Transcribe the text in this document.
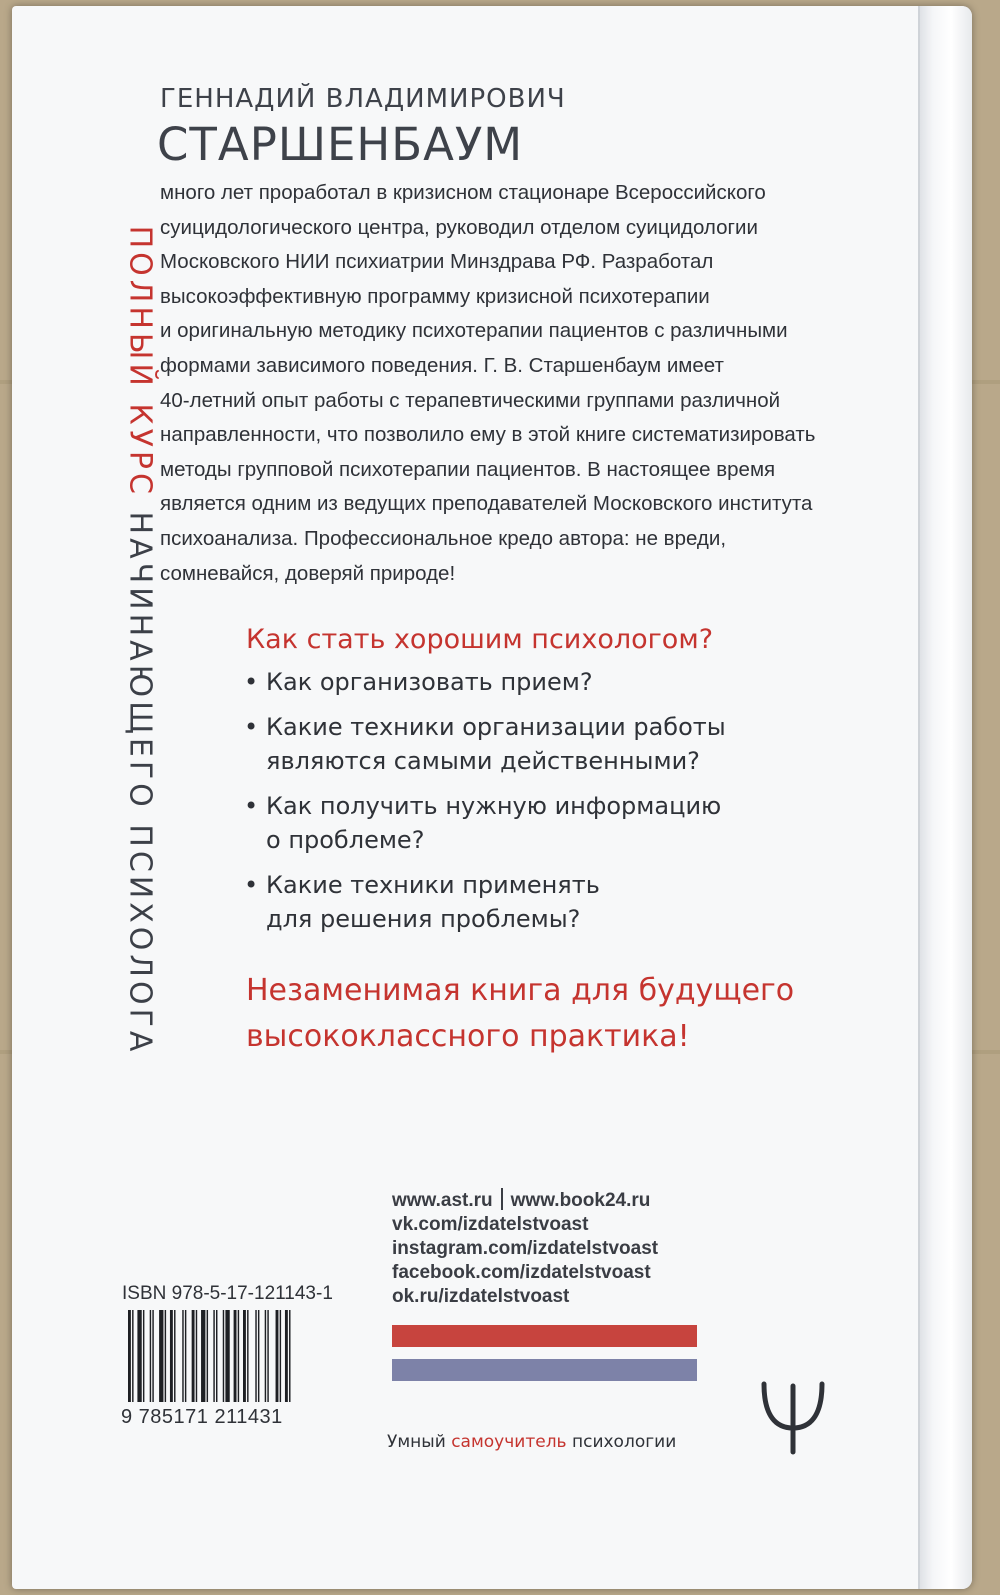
ПОЛНЫЙ КУРС НАЧИНАЮЩЕГО ПСИХОЛОГА
ГЕННАДИЙ ВЛАДИМИРОВИЧ
СТАРШЕНБАУМ
много лет проработал в кризисном стационаре Всероссийского
суицидологического центра, руководил отделом суицидологии
Московского НИИ психиатрии Минздрава РФ. Разработал
высокоэффективную программу кризисной психотерапии
и оригинальную методику психотерапии пациентов с различными
формами зависимого поведения. Г. В. Старшенбаум имеет
40-летний опыт работы с терапевтическими группами различной
направленности, что позволило ему в этой книге систематизировать
методы групповой психотерапии пациентов. В настоящее время
является одним из ведущих преподавателей Московского института
психоанализа. Профессиональное кредо автора: не вреди,
сомневайся, доверяй природе!
Как стать хорошим психологом?
• Как организовать прием?
• Какие техники организации работы
являются самыми действенными?
• Как получить нужную информацию
о проблеме?
• Какие техники применять
для решения проблемы?
Незаменимая книга для будущего
высококлассного практика!
www.ast.ru www.book24.ru
vk.com/izdatelstvoast
instagram.com/izdatelstvoast
facebook.com/izdatelstvoast
ok.ru/izdatelstvoast
ISBN 978-5-17-121143-1
9 785171 211431
Умный самоучитель психологии
